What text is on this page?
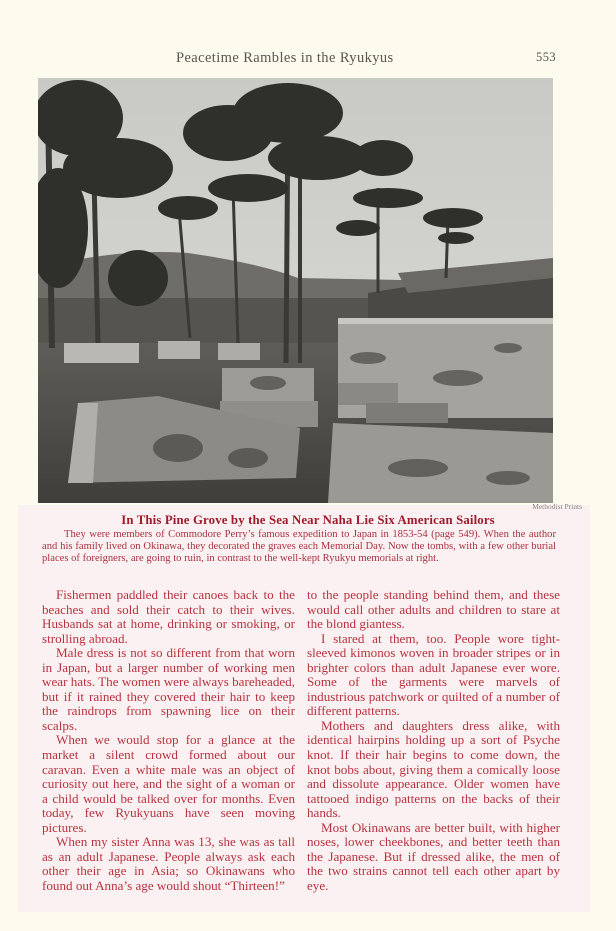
Peacetime Rambles in the Ryukyus	553
Methodist Prints
In This Pine Grove by the Sea Near Naha Lie Six American Sailors
They were members of Commodore Perry’s famous expedition to Japan in 1853-54 (page 549). When the author and his family lived on Okinawa, they decorated the graves each Memorial Day. Now the tombs, with a few other burial places of foreigners, are going to ruin, in contrast to the well-kept Ryukyu memorials at right.

Fishermen paddled their canoes back to the beaches and sold their catch to their wives. Husbands sat at home, drinking or smoking, or strolling abroad.

Male dress is not so different from that worn in Japan, but a larger number of working men wear hats. The women were always bareheaded, but if it rained they covered their hair to keep the raindrops from spawning lice on their scalps.

When we would stop for a glance at the market a silent crowd formed about our caravan. Even a white male was an object of curiosity out here, and the sight of a woman or a child would be talked over for months. Even today, few Ryukyuans have seen moving pictures.

When my sister Anna was 13, she was as tall as an adult Japanese. People always ask each other their age in Asia; so Okinawans who found out Anna’s age would shout “Thirteen!”

to the people standing behind them, and these would call other adults and children to stare at the blond giantess.

I stared at them, too. People wore tight-sleeved kimonos woven in broader stripes or in brighter colors than adult Japanese ever wore. Some of the garments were marvels of industrious patchwork or quilted of a number of different patterns.

Mothers and daughters dress alike, with identical hairpins holding up a sort of Psyche knot. If their hair begins to come down, the knot bobs about, giving them a comically loose and dissolute appearance. Older women have tattooed indigo patterns on the backs of their hands.

Most Okinawans are better built, with higher noses, lower cheekbones, and better teeth than the Japanese. But if dressed alike, the men of the two strains cannot tell each other apart by eye.
